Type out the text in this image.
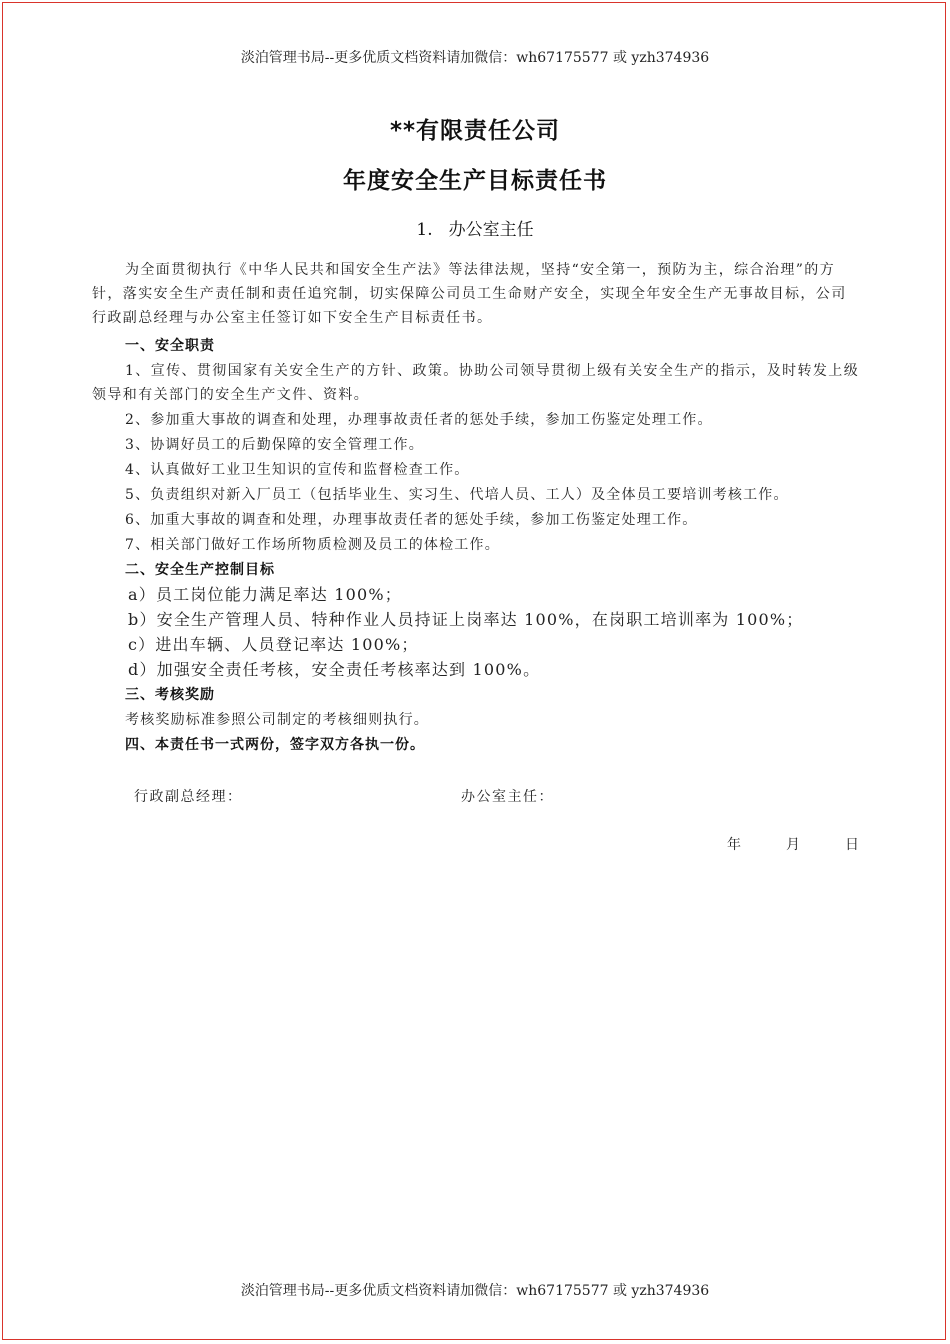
淡泊管理书局--更多优质文档资料请加微信：wh67175577 或 yzh374936
**有限责任公司
年度安全生产目标责任书
1. 办公室主任
为全面贯彻执行《中华人民共和国安全生产法》等法律法规，坚持“安全第一，预防为主，综合治理”的方针，落实安全生产责任制和责任追究制，切实保障公司员工生命财产安全，实现全年安全生产无事故目标，公司行政副总经理与办公室主任签订如下安全生产目标责任书。
一、安全职责
1、宣传、贯彻国家有关安全生产的方针、政策。协助公司领导贯彻上级有关安全生产的指示，及时转发上级领导和有关部门的安全生产文件、资料。
2、参加重大事故的调查和处理，办理事故责任者的惩处手续，参加工伤鉴定处理工作。
3、协调好员工的后勤保障的安全管理工作。
4、认真做好工业卫生知识的宣传和监督检查工作。
5、负责组织对新入厂员工（包括毕业生、实习生、代培人员、工人）及全体员工要培训考核工作。
6、加重大事故的调查和处理，办理事故责任者的惩处手续，参加工伤鉴定处理工作。
7、相关部门做好工作场所物质检测及员工的体检工作。
二、安全生产控制目标
a）员工岗位能力满足率达 100%；
b）安全生产管理人员、特种作业人员持证上岗率达 100%，在岗职工培训率为 100%；
c）进出车辆、人员登记率达 100%；
d）加强安全责任考核，安全责任考核率达到 100%。
三、考核奖励
考核奖励标准参照公司制定的考核细则执行。
四、本责任书一式两份，签字双方各执一份。
行政副总经理：	办公室主任：
年	月	日
淡泊管理书局--更多优质文档资料请加微信：wh67175577 或 yzh374936
